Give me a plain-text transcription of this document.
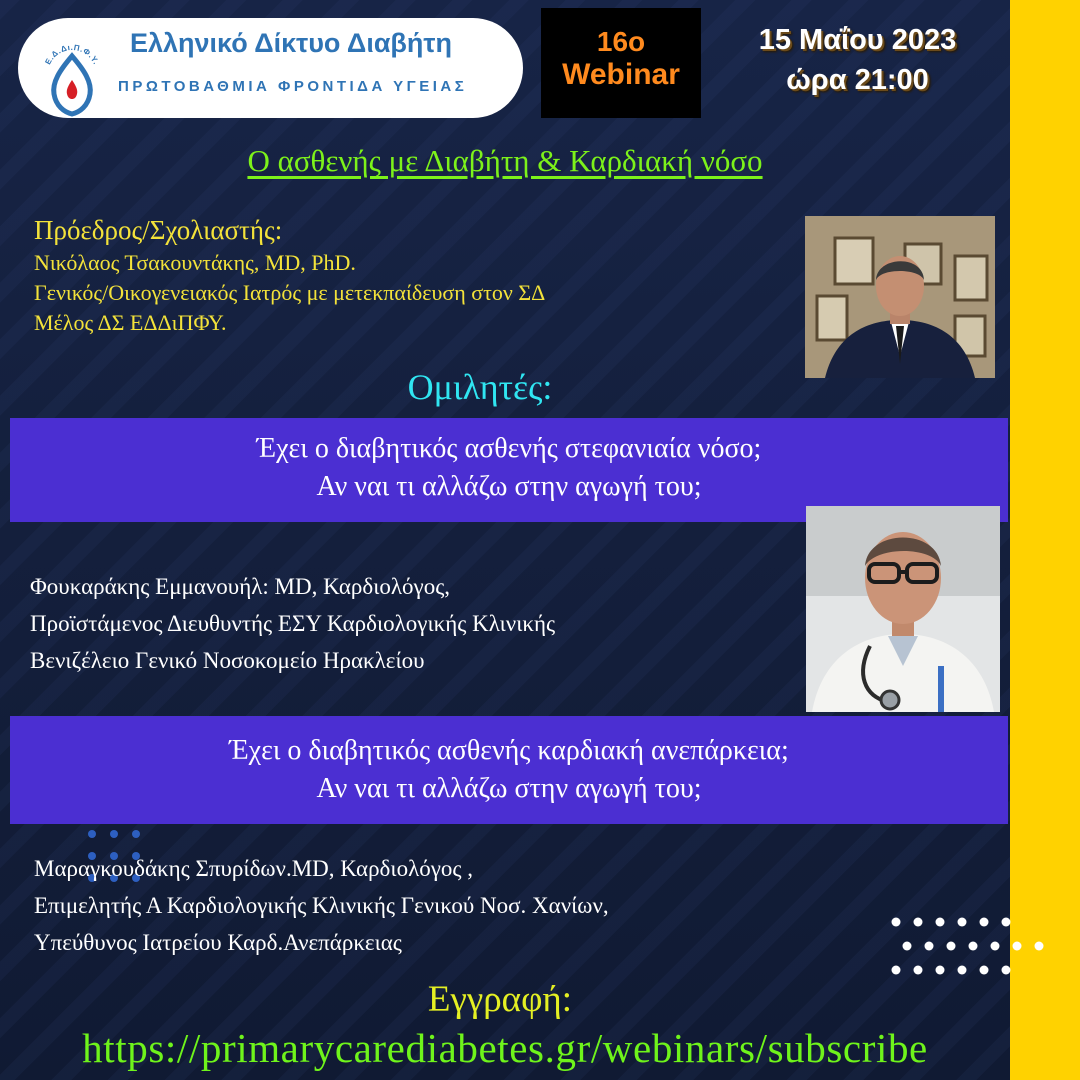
Ε.Δ.Δι.Π.Φ.Υ.
Ελληνικό Δίκτυο Διαβήτη
ΠΡΩΤΟΒΑΘΜΙΑ ΦΡΟΝΤΙΔΑ ΥΓΕΙΑΣ
16ο
Webinar
15 Μαΐου 2023
ώρα 21:00
Ο ασθενής με Διαβήτη & Καρδιακή νόσο
Πρόεδρος/Σχολιαστής:
Νικόλαος Τσακουντάκης, MD, PhD.
Γενικός/Οικογενειακός Ιατρός με μετεκπαίδευση στον ΣΔ
Μέλος ΔΣ ΕΔΔιΠΦΥ.
Ομιλητές:
Έχει ο διαβητικός ασθενής στεφανιαία νόσο;
Αν ναι τι αλλάζω στην αγωγή του;
Φουκαράκης Εμμανουήλ: MD, Καρδιολόγος,
Προϊστάμενος Διευθυντής ΕΣΥ Καρδιολογικής Κλινικής
Βενιζέλειο Γενικό Νοσοκομείο Ηρακλείου
Έχει ο διαβητικός ασθενής καρδιακή ανεπάρκεια;
Αν ναι τι αλλάζω στην αγωγή του;
Μαραγκουδάκης Σπυρίδων.MD, Καρδιολόγος ,
Επιμελητής Α Καρδιολογικής Κλινικής Γενικού Νοσ. Χανίων,
Υπεύθυνος Ιατρείου Καρδ.Ανεπάρκειας
Εγγραφή:
https://primarycarediabetes.gr/webinars/subscribe
